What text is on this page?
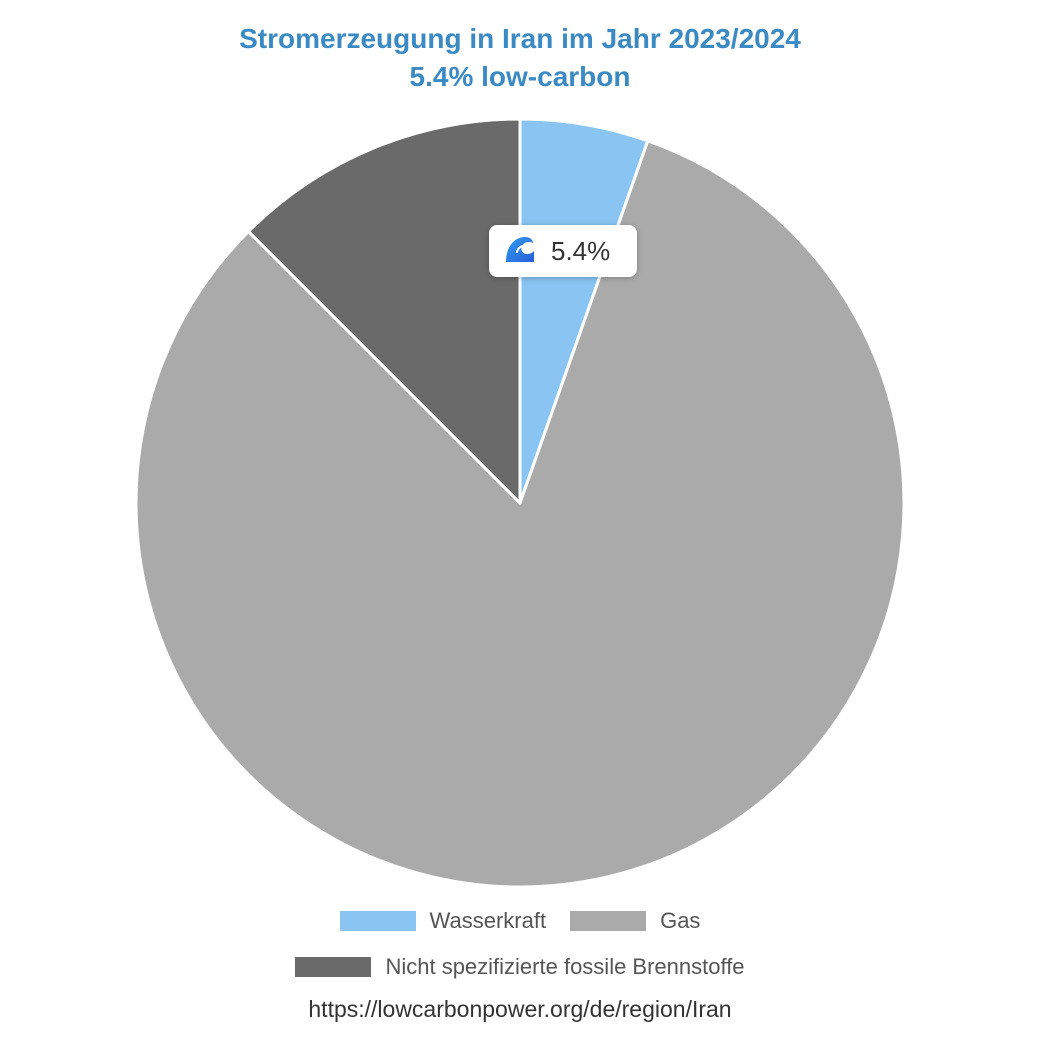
Stromerzeugung in Iran im Jahr 2023/2024
5.4% low-carbon
5.4%
Wasserkraft	Gas
Nicht spezifizierte fossile Brennstoffe
https://lowcarbonpower.org/de/region/Iran
